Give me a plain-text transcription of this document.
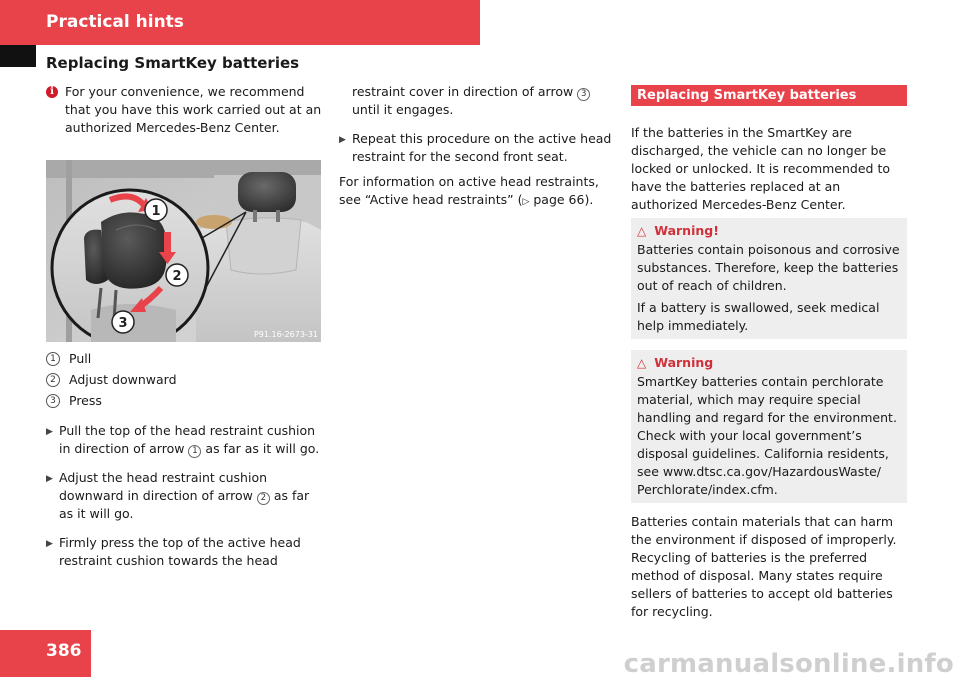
Practical hints
Replacing SmartKey batteries
i For your convenience, we recommend that you have this work carried out at an authorized Mercedes-Benz Center.

1
2
3
P91.16-2673-31
1	Pull
2	Adjust downward
3	Press
▶ Pull the top of the head restraint cushion in direction of arrow 1 as far as it will go.

▶ Adjust the head restraint cushion downward in direction of arrow 2 as far as it will go.

▶ Firmly press the top of the active head restraint cushion towards the head

restraint cover in direction of arrow 3 until it engages.

▶ Repeat this procedure on the active head restraint for the second front seat.

For information on active head restraints, see “Active head restraints” (▷ page 66).

Replacing SmartKey batteries

If the batteries in the SmartKey are discharged, the vehicle can no longer be locked or unlocked. It is recommended to have the batteries replaced at an authorized Mercedes-Benz Center.

△ Warning!

Batteries contain poisonous and corrosive substances. Therefore, keep the batteries out of reach of children.

If a battery is swallowed, seek medical help immediately.

△ Warning

SmartKey batteries contain perchlorate material, which may require special handling and regard for the environment. Check with your local government’s disposal guidelines. California residents, see www.dtsc.ca.gov/HazardousWaste/ Perchlorate/index.cfm.

Batteries contain materials that can harm the environment if disposed of improperly. Recycling of batteries is the preferred method of disposal. Many states require sellers of batteries to accept old batteries for recycling.

386	carmanualsonline.info
